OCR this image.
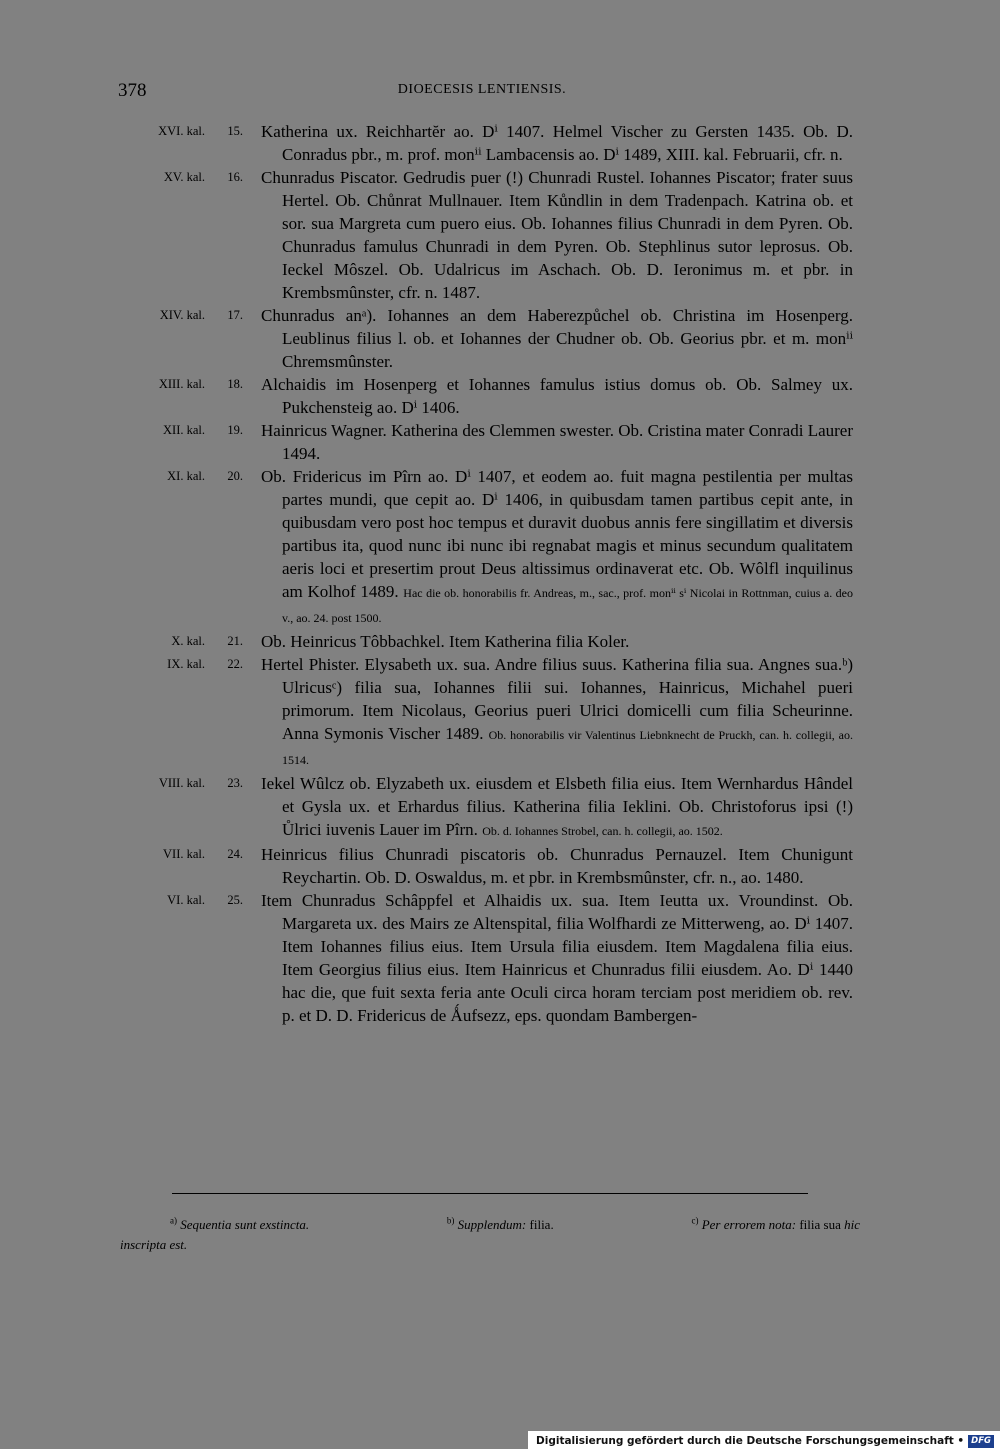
378	DIOECESIS LENTIENSIS.
XVI. kal.	15. Katherina ux. Reichhartĕr ao. Dⁱ 1407. Helmel Vischer zu Gersten 1435. Ob. D. Conradus pbr., m. prof. monⁱⁱ Lambacensis ao. Dⁱ 1489, XIII. kal. Februarii, cfr. n.
XV. kal.	16. Chunradus Piscator. Gedrudis puer (!) Chunradi Rustel. Iohannes Piscator; frater suus Hertel. Ob. Chůnrat Mullnauer. Item Kůndlin in dem Tradenpach. Katrina ob. et sor. sua Margreta cum puero eius. Ob. Iohannes filius Chunradi in dem Pyren. Ob. Chunradus famulus Chunradi in dem Pyren. Ob. Stephlinus sutor leprosus. Ob. Ieckel Môszel. Ob. Udalricus im Aschach. Ob. D. Ieronimus m. et pbr. in Krembsmûnster, cfr. n. 1487.
XIV. kal.	17. Chunradus anᵃ). Iohannes an dem Haberezpůchel ob. Christina im Hosenperg. Leublinus filius l. ob. et Iohannes der Chudner ob. Ob. Georius pbr. et m. monⁱⁱ Chremsmûnster.
XIII. kal.	18. Alchaidis im Hosenperg et Iohannes famulus istius domus ob. Ob. Salmey ux. Pukchensteig ao. Dⁱ 1406.
XII. kal.	19. Hainricus Wagner. Katherina des Clemmen swester. Ob. Cristina mater Conradi Laurer 1494.
XI. kal.	20. Ob. Fridericus im Pîrn ao. Dⁱ 1407, et eodem ao. fuit magna pestilentia per multas partes mundi, que cepit ao. Dⁱ 1406, in quibusdam tamen partibus cepit ante, in quibusdam vero post hoc tempus et duravit duobus annis fere singillatim et diversis partibus ita, quod nunc ibi nunc ibi regnabat magis et minus secundum qualitatem aeris loci et presertim prout Deus altissimus ordinaverat etc. Ob. Wôlfl inquilinus am Kolhof 1489. Hac die ob. honorabilis fr. Andreas, m., sac., prof. monⁱⁱ sⁱ Nicolai in Rottnman, cuius a. deo v., ao. 24. post 1500.
X. kal.	21. Ob. Heinricus Tôbbachkel. Item Katherina filia Koler.
IX. kal.	22. Hertel Phister. Elysabeth ux. sua. Andre filius suus. Katherina filia sua. Angnes sua.ᵇ) Ulricusᶜ) filia sua, Iohannes filii sui. Iohannes, Hainricus, Michahel pueri primorum. Item Nicolaus, Georius pueri Ulrici domicelli cum filia Scheurinne. Anna Symonis Vischer 1489. Ob. honorabilis vir Valentinus Liebnknecht de Pruckh, can. h. collegii, ao. 1514.
VIII. kal.	23. Iekel Wûlcz ob. Elyzabeth ux. eiusdem et Elsbeth filia eius. Item Wernhardus Hândel et Gysla ux. et Erhardus filius. Katherina filia Ieklini. Ob. Christoforus ipsi (!) Ůlrici iuvenis Lauer im Pîrn. Ob. d. Iohannes Strobel, can. h. collegii, ao. 1502.
VII. kal.	24. Heinricus filius Chunradi piscatoris ob. Chunradus Pernauzel. Item Chunigunt Reychartin. Ob. D. Oswaldus, m. et pbr. in Krembsmûnster, cfr. n., ao. 1480.
VI. kal.	25. Item Chunradus Schâppfel et Alhaidis ux. sua. Item Ieutta ux. Vroundinst. Ob. Margareta ux. des Mairs ze Altenspital, filia Wolfhardi ze Mitterweng, ao. Dⁱ 1407. Item Iohannes filius eius. Item Ursula filia eiusdem. Item Magdalena filia eius. Item Georgius filius eius. Item Hainricus et Chunradus filii eiusdem. Ao. Dⁱ 1440 hac die, que fuit sexta feria ante Oculi circa horam terciam post meridiem ob. rev. p. et D. D. Fridericus de Ǻufsezz, eps. quondam Bambergen-
$^{a)}$ Sequentia sunt exstincta.	$^{b)}$ Supplendum: filia.	$^{c)}$ Per errorem nota: filia sua hic
inscripta est.
Digitalisierung gefördert durch die Deutsche Forschungsgemeinschaft • DFG
